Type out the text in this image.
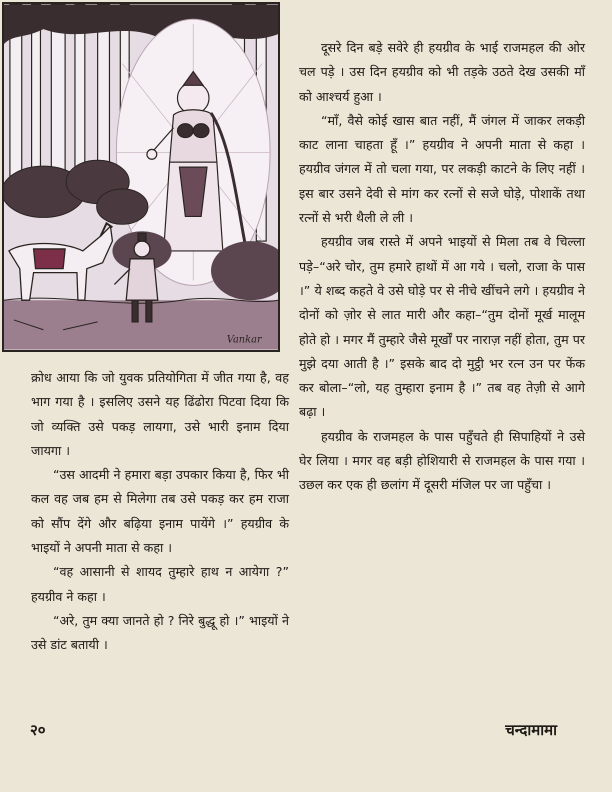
Vankar

दूसरे दिन बड़े सवेरे ही हयग्रीव के भाई राजमहल की ओर चल पड़े । उस दिन हयग्रीव को भी तड़के उठते देख उसकी माँ को आश्चर्य हुआ ।

“माँ, वैसे कोई खास बात नहीं, मैं जंगल में जाकर लकड़ी काट लाना चाहता हूँ ।” हयग्रीव ने अपनी माता से कहा । हयग्रीव जंगल में तो चला गया, पर लकड़ी काटने के लिए नहीं । इस बार उसने देवी से मांग कर रत्नों से सजे घोड़े, पोशाकें तथा रत्नों से भरी थैली ले ली ।

हयग्रीव जब रास्ते में अपने भाइयों से मिला तब वे चिल्ला पड़े–“अरे चोर, तुम हमारे हाथों में आ गये । चलो, राजा के पास ।” ये शब्द कहते वे उसे घोड़े पर से नीचे खींचने लगे । हयग्रीव ने दोनों को ज़ोर से लात मारी और कहा–“तुम दोनों मूर्ख मालूम होते हो । मगर मैं तुम्हारे जैसे मूर्खों पर नाराज़ नहीं होता, तुम पर मुझे दया आती है ।” इसके बाद दो मुट्ठी भर रत्न उन पर फेंक कर बोला–“लो, यह तुम्हारा इनाम है ।” तब वह तेज़ी से आगे बढ़ा ।

हयग्रीव के राजमहल के पास पहुँचते ही सिपाहियों ने उसे घेर लिया । मगर वह बड़ी होशियारी से राजमहल के पास गया । उछल कर एक ही छलांग में दूसरी मंजिल पर जा पहुँचा ।

क्रोध आया कि जो युवक प्रतियोगिता में जीत गया है, वह भाग गया है । इसलिए उसने यह ढिंढोरा पिटवा दिया कि जो व्यक्ति उसे पकड़ लायगा, उसे भारी इनाम दिया जायगा ।

“उस आदमी ने हमारा बड़ा उपकार किया है, फिर भी कल वह जब हम से मिलेगा तब उसे पकड़ कर हम राजा को सौंप देंगे और बढ़िया इनाम पायेंगे ।” हयग्रीव के भाइयों ने अपनी माता से कहा ।

“वह आसानी से शायद तुम्हारे हाथ न आयेगा ?” हयग्रीव ने कहा ।

“अरे, तुम क्या जानते हो ? निरे बुद्धू हो ।” भाइयों ने उसे डांट बतायी ।

२०	चन्दामामा
